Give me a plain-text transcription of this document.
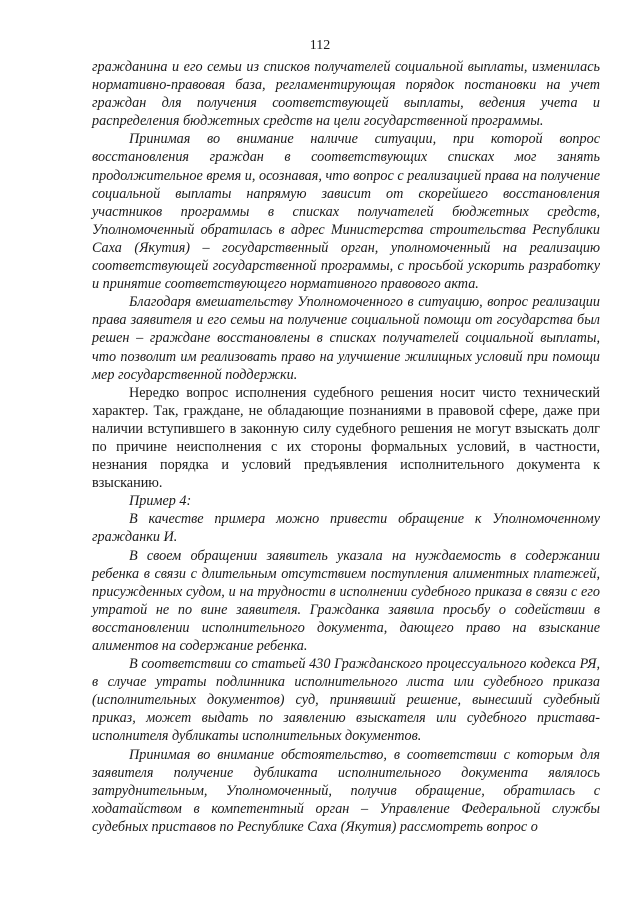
112

гражданина и его семьи из списков получателей социальной выплаты, изменилась нормативно-правовая база, регламентирующая порядок постановки на учет граждан для получения соответствующей выплаты, ведения учета и распределения бюджетных средств на цели государственной программы.

Принимая во внимание наличие ситуации, при которой вопрос восстановления граждан в соответствующих списках мог занять продолжительное время и, осознавая, что вопрос с реализацией права на получение социальной выплаты напрямую зависит от скорейшего восстановления участников программы в списках получателей бюджетных средств, Уполномоченный обратилась в адрес Министерства строительства Республики Саха (Якутия) – государственный орган, уполномоченный на реализацию соответствующей государственной программы, с просьбой ускорить разработку и принятие соответствующего нормативного правового акта.

Благодаря вмешательству Уполномоченного в ситуацию, вопрос реализации права заявителя и его семьи на получение социальной помощи от государства был решен – граждане восстановлены в списках получателей социальной выплаты, что позволит им реализовать право на улучшение жилищных условий при помощи мер государственной поддержки.

Нередко вопрос исполнения судебного решения носит чисто технический характер. Так, граждане, не обладающие познаниями в правовой сфере, даже при наличии вступившего в законную силу судебного решения не могут взыскать долг по причине неисполнения с их стороны формальных условий, в частности, незнания порядка и условий предъявления исполнительного документа к взысканию.

Пример 4:

В качестве примера можно привести обращение к Уполномоченному гражданки И.

В своем обращении заявитель указала на нуждаемость в содержании ребенка в связи с длительным отсутствием поступления алиментных платежей, присужденных судом, и на трудности в исполнении судебного приказа в связи с его утратой не по вине заявителя. Гражданка заявила просьбу о содействии в восстановлении исполнительного документа, дающего право на взыскание алиментов на содержание ребенка.

В соответствии со статьей 430 Гражданского процессуального кодекса РЯ, в случае утраты подлинника исполнительного листа или судебного приказа (исполнительных документов) суд, принявший решение, вынесший судебный приказ, может выдать по заявлению взыскателя или судебного пристава-исполнителя дубликаты исполнительных документов.

Принимая во внимание обстоятельство, в соответствии с которым для заявителя получение дубликата исполнительного документа являлось затруднительным, Уполномоченный, получив обращение, обратилась с ходатайством в компетентный орган – Управление Федеральной службы судебных приставов по Республике Саха (Якутия) рассмотреть вопрос о
